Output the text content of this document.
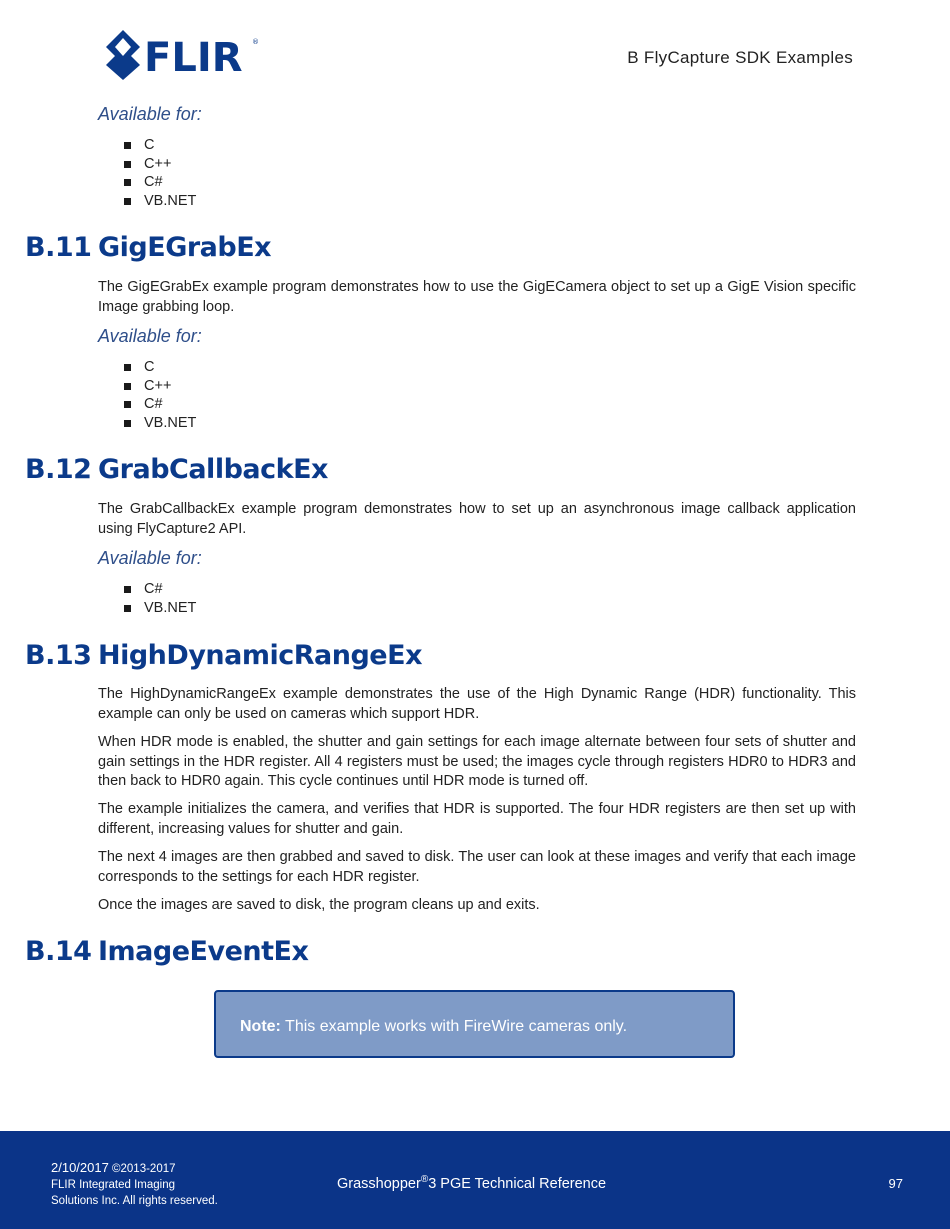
FLIR ®
B FlyCapture SDK Examples

Available for:

C
C++
C#
VB.NET
B.11 GigEGrabEx

The GigEGrabEx example program demonstrates how to use the GigECamera object to set up a GigE Vision specific Image grabbing loop.

Available for:

C
C++
C#
VB.NET
B.12 GrabCallbackEx

The GrabCallbackEx example program demonstrates how to set up an asynchronous image callback application using FlyCapture2 API.

Available for:

C#
VB.NET
B.13 HighDynamicRangeEx

The HighDynamicRangeEx example demonstrates the use of the High Dynamic Range (HDR) functionality. This example can only be used on cameras which support HDR.

When HDR mode is enabled, the shutter and gain settings for each image alternate between four sets of shutter and gain settings in the HDR register. All 4 registers must be used; the images cycle through registers HDR0 to HDR3 and then back to HDR0 again. This cycle continues until HDR mode is turned off.

The example initializes the camera, and verifies that HDR is supported. The four HDR registers are then set up with different, increasing values for shutter and gain.

The next 4 images are then grabbed and saved to disk. The user can look at these images and verify that each image corresponds to the settings for each HDR register.

Once the images are saved to disk, the program cleans up and exits.

B.14 ImageEventEx
Note: This example works with FireWire cameras only.
2/10/2017 ©2013-2017
FLIR Integrated Imaging
Solutions Inc. All rights reserved.
Grasshopper®3 PGE Technical Reference	97
